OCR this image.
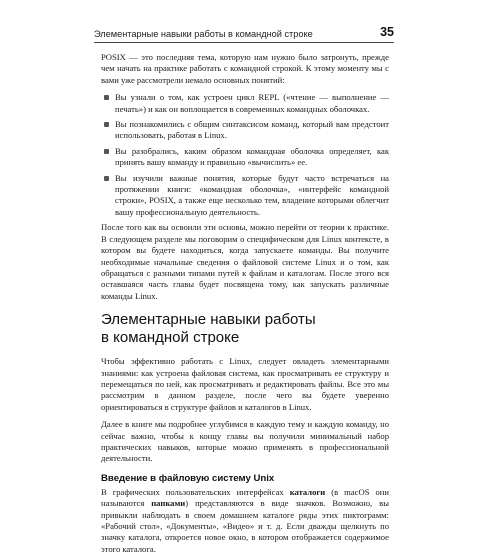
Элементарные навыки работы в командной строке	35

POSIX — это последняя тема, которую нам нужно было затронуть, прежде чем начать на практике работать с командной строкой. К этому моменту мы с вами уже рассмотрели немало основных понятий:

Вы узнали о том, как устроен цикл REPL («чтение — выполнение — печать») и как он воплощается в современных командных оболочках.
Вы познакомились с общим синтаксисом команд, который вам предстоит использовать, работая в Linux.
Вы разобрались, каким образом командная оболочка определяет, как принять вашу команду и правильно «вычислить» ее.
Вы изучили важные понятия, которые будут часто встречаться на протяжении книги: «командная оболочка», «интерфейс командной строки», POSIX, а также еще несколько тем, владение которыми облегчит вашу профессиональную деятельность.

После того как вы освоили эти основы, можно перейти от теории к практике. В следующем разделе мы поговорим о специфическом для Linux контексте, в котором вы будете находиться, когда запускаете команды. Вы получите необходимые начальные сведения о файловой системе Linux и о том, как обращаться с разными типами путей к файлам и каталогам. После этого вся оставшаяся часть главы будет посвящена тому, как запускать различные команды Linux.

Элементарные навыки работы
в командной строке

Чтобы эффективно работать с Linux, следует овладеть элементарными знаниями: как устроена файловая система, как просматривать ее структуру и перемещаться по ней, как просматривать и редактировать файлы. Все это мы рассмотрим в данном разделе, после чего вы будете уверенно ориентироваться в структуре файлов и каталогов в Linux.

Далее в книге мы подробнее углубимся в каждую тему и каждую команду, но сейчас важно, чтобы к концу главы вы получили минимальный набор практических навыков, которые можно применять в профессиональной деятельности.

Введение в файловую систему Unix

В графических пользовательских интерфейсах каталоги (в macOS они называются папками) представляются в виде значков. Возможно, вы привыкли наблюдать в своем домашнем каталоге ряды этих пиктограмм: «Рабочий стол», «Документы», «Видео» и т. д. Если дважды щелкнуть по значку каталога, откроется новое окно, в котором отображается содержимое этого каталога.
